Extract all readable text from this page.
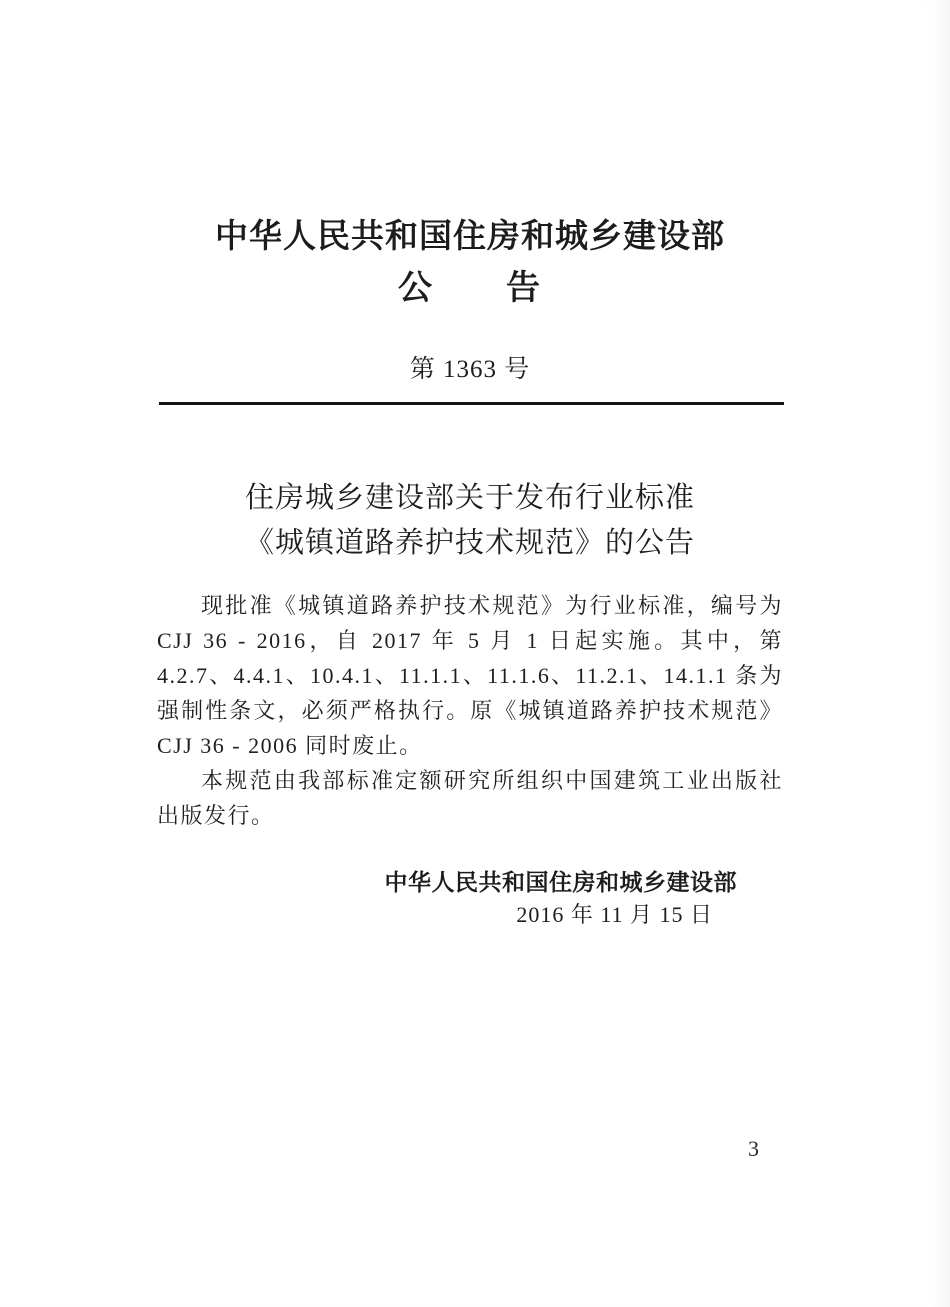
中华人民共和国住房和城乡建设部
公　　告
第 1363 号
住房城乡建设部关于发布行业标准
《城镇道路养护技术规范》的公告

现批准《城镇道路养护技术规范》为行业标准，编号为 CJJ 36 - 2016，自 2017 年 5 月 1 日起实施。其中，第 4.2.7、4.4.1、10.4.1、11.1.1、11.1.6、11.2.1、14.1.1 条为强制性条文，必须严格执行。原《城镇道路养护技术规范》CJJ 36 - 2006 同时废止。

本规范由我部标准定额研究所组织中国建筑工业出版社出版发行。

中华人民共和国住房和城乡建设部
2016 年 11 月 15 日
3
